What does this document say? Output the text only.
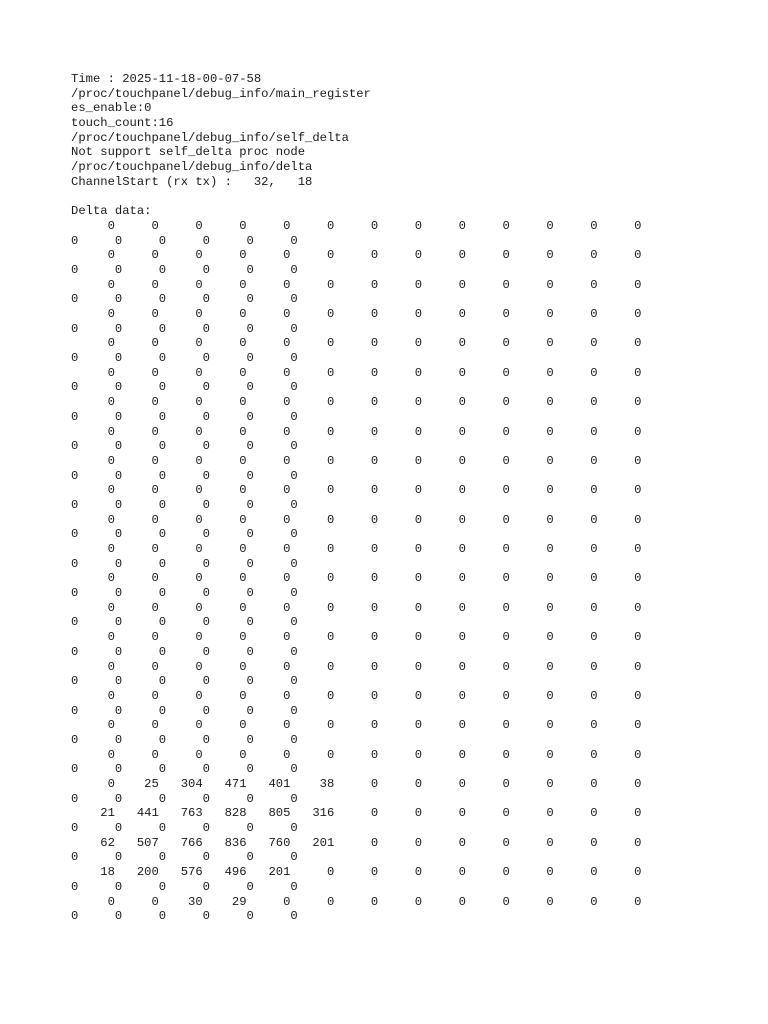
Time : 2025-11-18-00-07-58
/proc/touchpanel/debug_info/main_register
es_enable:0
touch_count:16
/proc/touchpanel/debug_info/self_delta
Not support self_delta proc node
/proc/touchpanel/debug_info/delta
ChannelStart (rx tx) :   32,   18
Delta data:
0     0     0     0     0     0     0     0     0     0     0     0     0
0     0     0     0     0     0
0     0     0     0     0     0     0     0     0     0     0     0     0
0     0     0     0     0     0
0     0     0     0     0     0     0     0     0     0     0     0     0
0     0     0     0     0     0
0     0     0     0     0     0     0     0     0     0     0     0     0
0     0     0     0     0     0
0     0     0     0     0     0     0     0     0     0     0     0     0
0     0     0     0     0     0
0     0     0     0     0     0     0     0     0     0     0     0     0
0     0     0     0     0     0
0     0     0     0     0     0     0     0     0     0     0     0     0
0     0     0     0     0     0
0     0     0     0     0     0     0     0     0     0     0     0     0
0     0     0     0     0     0
0     0     0     0     0     0     0     0     0     0     0     0     0
0     0     0     0     0     0
0     0     0     0     0     0     0     0     0     0     0     0     0
0     0     0     0     0     0
0     0     0     0     0     0     0     0     0     0     0     0     0
0     0     0     0     0     0
0     0     0     0     0     0     0     0     0     0     0     0     0
0     0     0     0     0     0
0     0     0     0     0     0     0     0     0     0     0     0     0
0     0     0     0     0     0
0     0     0     0     0     0     0     0     0     0     0     0     0
0     0     0     0     0     0
0     0     0     0     0     0     0     0     0     0     0     0     0
0     0     0     0     0     0
0     0     0     0     0     0     0     0     0     0     0     0     0
0     0     0     0     0     0
0     0     0     0     0     0     0     0     0     0     0     0     0
0     0     0     0     0     0
0     0     0     0     0     0     0     0     0     0     0     0     0
0     0     0     0     0     0
0     0     0     0     0     0     0     0     0     0     0     0     0
0     0     0     0     0     0
0    25   304   471   401    38     0     0     0     0     0     0     0
0     0     0     0     0     0
21   441   763   828   805   316     0     0     0     0     0     0     0
0     0     0     0     0     0
62   507   766   836   760   201     0     0     0     0     0     0     0
0     0     0     0     0     0
18   200   576   496   201     0     0     0     0     0     0     0     0
0     0     0     0     0     0
0     0    30    29     0     0     0     0     0     0     0     0     0
0     0     0     0     0     0
